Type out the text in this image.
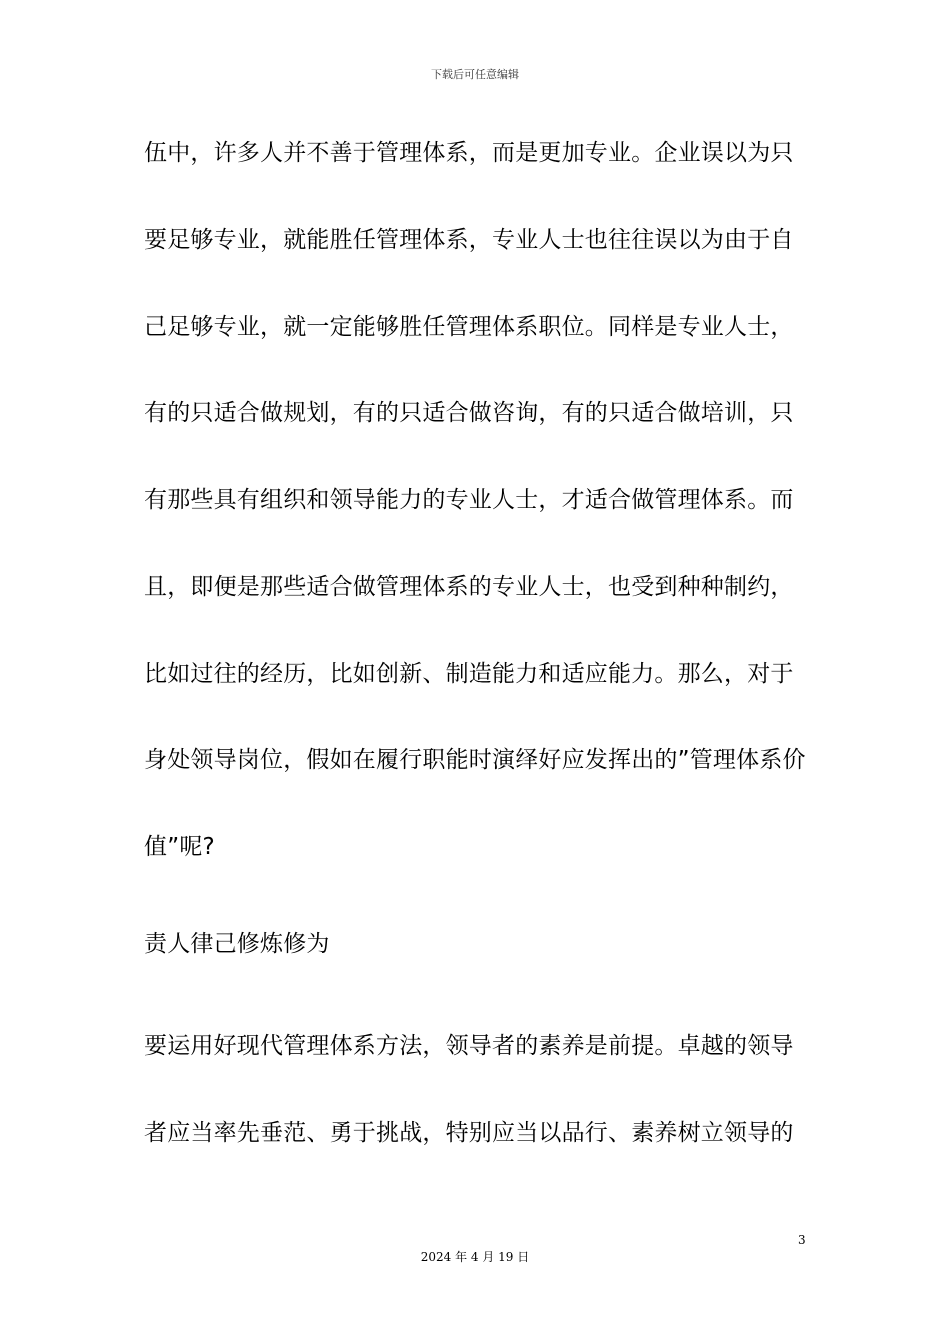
下载后可任意编辑
伍中，许多人并不善于管理体系，而是更加专业。企业误以为只
要足够专业，就能胜任管理体系，专业人士也往往误以为由于自
己足够专业，就一定能够胜任管理体系职位。同样是专业人士，
有的只适合做规划，有的只适合做咨询，有的只适合做培训，只
有那些具有组织和领导能力的专业人士，才适合做管理体系。而
且，即便是那些适合做管理体系的专业人士，也受到种种制约，
比如过往的经历，比如创新、制造能力和适应能力。那么，对于
身处领导岗位，假如在履行职能时演绎好应发挥出的”管理体系价
值”呢?
责人律己修炼修为
要运用好现代管理体系方法，领导者的素养是前提。卓越的领导
者应当率先垂范、勇于挑战，特别应当以品行、素养树立领导的
3
2024 年 4 月 19 日
